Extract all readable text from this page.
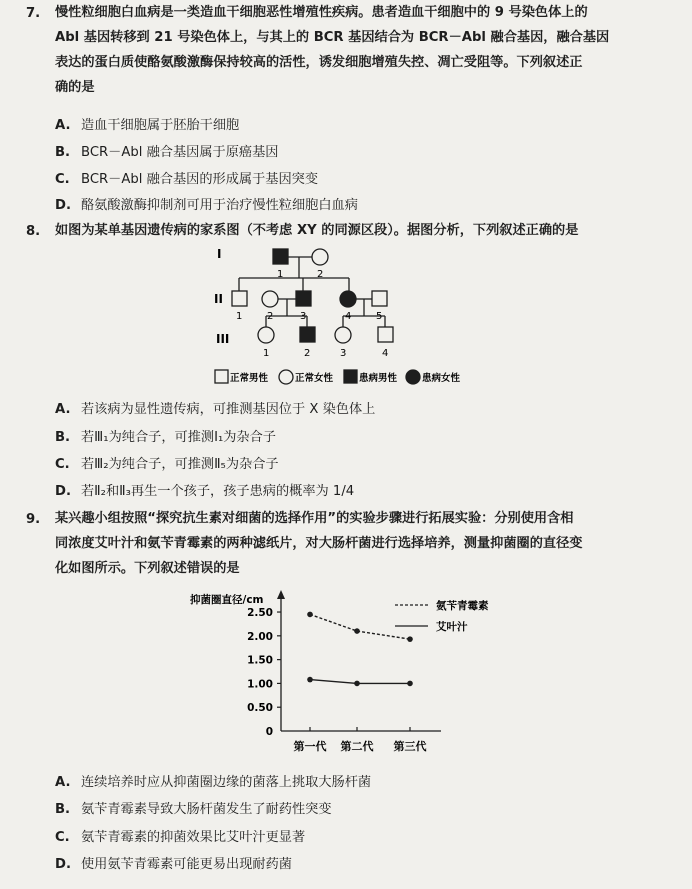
7. 慢性粒细胞白血病是一类造血干细胞恶性增殖性疾病。患者造血干细胞中的 9 号染色体上的
Abl 基因转移到 21 号染色体上，与其上的 BCR 基因结合为 BCR－Abl 融合基因，融合基因
表达的蛋白质使酪氨酸激酶保持较高的活性，诱发细胞增殖失控、凋亡受阻等。下列叙述正
确的是
A. 造血干细胞属于胚胎干细胞
B. BCR－Abl 融合基因属于原癌基因
C. BCR－Abl 融合基因的形成属于基因突变
D. 酪氨酸激酶抑制剂可用于治疗慢性粒细胞白血病
8. 如图为某单基因遗传病的家系图（不考虑 XY 的同源区段）。据图分析，下列叙述正确的是
I
II
III
1	2
1 2	3	4 5
1	2	3	4
正常男性	正常女性	患病男性	患病女性
A. 若该病为显性遗传病，可推测基因位于 X 染色体上
B. 若Ⅲ₁为纯合子，可推测Ⅰ₁为杂合子
C. 若Ⅲ₂为纯合子，可推测Ⅱ₅为杂合子
D. 若Ⅱ₂和Ⅱ₃再生一个孩子，孩子患病的概率为 1/4
9. 某兴趣小组按照“探究抗生素对细菌的选择作用”的实验步骤进行拓展实验：分别使用含相
同浓度艾叶汁和氨苄青霉素的两种滤纸片，对大肠杆菌进行选择培养，测量抑菌圈的直径变
化如图所示。下列叙述错误的是
抑菌圈直径/cm
0
0.50
1.00
1.50
2.00
2.50
第一代 第二代 第三代
氨苄青霉素
艾叶汁
A. 连续培养时应从抑菌圈边缘的菌落上挑取大肠杆菌
B. 氨苄青霉素导致大肠杆菌发生了耐药性突变
C. 氨苄青霉素的抑菌效果比艾叶汁更显著
D. 使用氨苄青霉素可能更易出现耐药菌
